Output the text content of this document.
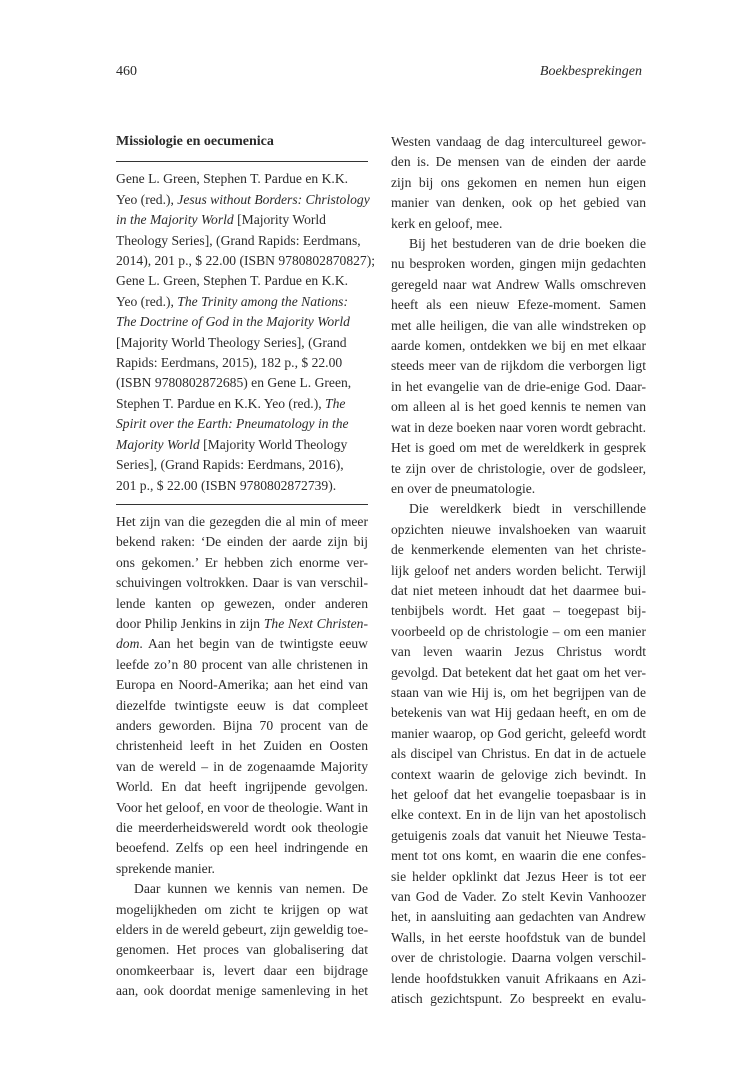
460	Boekbesprekingen
Missiologie en oecumenica
Gene L. Green, Stephen T. Pardue en K.K.
Yeo (red.), Jesus without Borders: Christology
in the Majority World [Majority World
Theology Series], (Grand Rapids: Eerdmans,
2014), 201 p., $ 22.00 (ISBN 9780802870827);
Gene L. Green, Stephen T. Pardue en K.K.
Yeo (red.), The Trinity among the Nations:
The Doctrine of God in the Majority World
[Majority World Theology Series], (Grand
Rapids: Eerdmans, 2015), 182 p., $ 22.00
(ISBN 9780802872685) en Gene L. Green,
Stephen T. Pardue en K.K. Yeo (red.), The
Spirit over the Earth: Pneumatology in the
Majority World [Majority World Theology
Series], (Grand Rapids: Eerdmans, 2016),
201 p., $ 22.00 (ISBN 9780802872739).
Het zijn van die gezegden die al min of meer
bekend raken: ‘De einden der aarde zijn bij
ons gekomen.’ Er hebben zich enorme ver-
schuivingen voltrokken. Daar is van verschil-
lende kanten op gewezen, onder anderen
door Philip Jenkins in zijn The Next Christen-
dom. Aan het begin van de twintigste eeuw
leefde zo’n 80 procent van alle christenen in
Europa en Noord-Amerika; aan het eind van
diezelfde twintigste eeuw is dat compleet
anders geworden. Bijna 70 procent van de
christenheid leeft in het Zuiden en Oosten
van de wereld – in de zogenaamde Majority
World. En dat heeft ingrijpende gevolgen.
Voor het geloof, en voor de theologie. Want in
die meerderheidswereld wordt ook theologie
beoefend. Zelfs op een heel indringende en
sprekende manier.
Daar kunnen we kennis van nemen. De
mogelijkheden om zicht te krijgen op wat
elders in de wereld gebeurt, zijn geweldig toe-
genomen. Het proces van globalisering dat
onomkeerbaar is, levert daar een bijdrage
aan, ook doordat menige samenleving in het
Westen vandaag de dag intercultureel gewor-
den is. De mensen van de einden der aarde
zijn bij ons gekomen en nemen hun eigen
manier van denken, ook op het gebied van
kerk en geloof, mee.
Bij het bestuderen van de drie boeken die
nu besproken worden, gingen mijn gedachten
geregeld naar wat Andrew Walls omschreven
heeft als een nieuw Efeze-moment. Samen
met alle heiligen, die van alle windstreken op
aarde komen, ontdekken we bij en met elkaar
steeds meer van de rijkdom die verborgen ligt
in het evangelie van de drie-enige God. Daar-
om alleen al is het goed kennis te nemen van
wat in deze boeken naar voren wordt gebracht.
Het is goed om met de wereldkerk in gesprek
te zijn over de christologie, over de godsleer,
en over de pneumatologie.
Die wereldkerk biedt in verschillende
opzichten nieuwe invalshoeken van waaruit
de kenmerkende elementen van het christe-
lijk geloof net anders worden belicht. Terwijl
dat niet meteen inhoudt dat het daarmee bui-
tenbijbels wordt. Het gaat – toegepast bij-
voorbeeld op de christologie – om een manier
van leven waarin Jezus Christus wordt
gevolgd. Dat betekent dat het gaat om het ver-
staan van wie Hij is, om het begrijpen van de
betekenis van wat Hij gedaan heeft, en om de
manier waarop, op God gericht, geleefd wordt
als discipel van Christus. En dat in de actuele
context waarin de gelovige zich bevindt. In
het geloof dat het evangelie toepasbaar is in
elke context. En in de lijn van het apostolisch
getuigenis zoals dat vanuit het Nieuwe Testa-
ment tot ons komt, en waarin die ene confes-
sie helder opklinkt dat Jezus Heer is tot eer
van God de Vader. Zo stelt Kevin Vanhoozer
het, in aansluiting aan gedachten van Andrew
Walls, in het eerste hoofdstuk van de bundel
over de christologie. Daarna volgen verschil-
lende hoofdstukken vanuit Afrikaans en Azi-
atisch gezichtspunt. Zo bespreekt en evalu-
